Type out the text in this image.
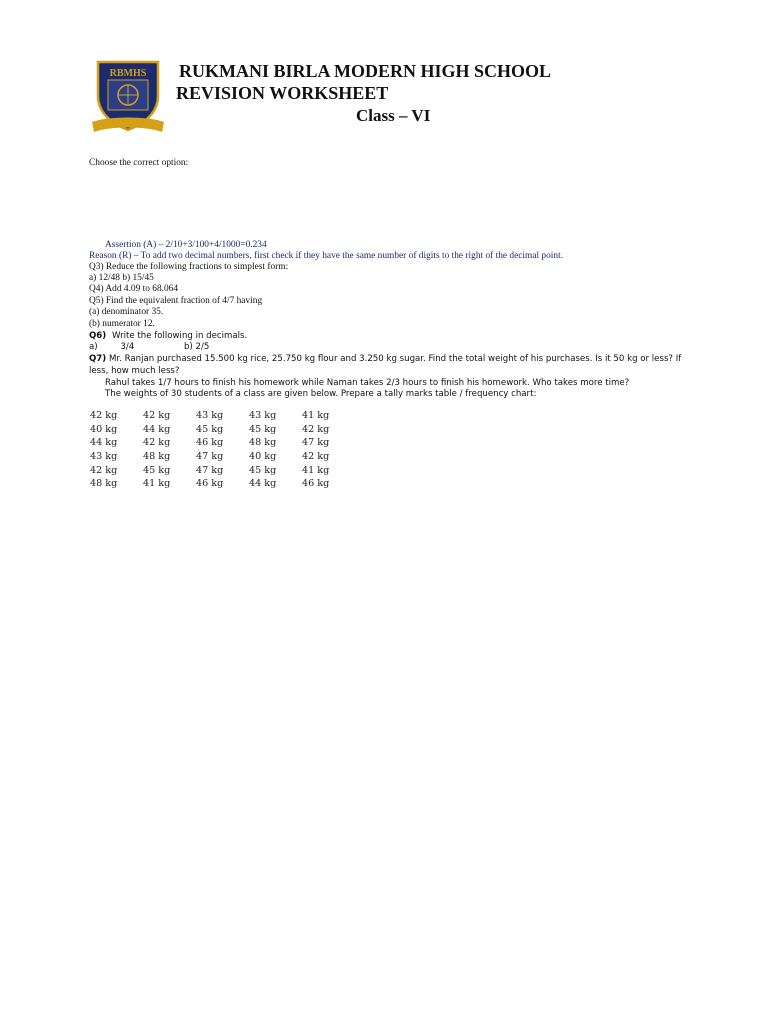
RBMHS RUKMANI BIRLA MODERN HIGH SCHOOL
REVISION WORKSHEET
Class – VI
Choose the correct option:
Assertion (A) – 2/10+3/100+4/1000=0.234
Reason (R) – To add two decimal numbers, first check if they have the same number of digits to the right of the decimal point.
Q3) Reduce the following fractions to simplest form:
a) 12/48 b) 15/45
Q4) Add 4.09 to 68.064
Q5) Find the equivalent fraction of 4/7 having
(a) denominator 35.
(b) numerator 12.
Q6) Write the following in decimals.
a)	3/4	b) 2/5
Q7) Mr. Ranjan purchased 15.500 kg rice, 25.750 kg flour and 3.250 kg sugar. Find the total weight of his purchases. Is it 50 kg or less? If less, how much less?
Rahul takes 1/7 hours to finish his homework while Naman takes 2/3 hours to finish his homework. Who takes more time?
The weights of 30 students of a class are given below. Prepare a tally marks table / frequency chart:
42 kg	42 kg	43 kg	43 kg	41 kg
40 kg	44 kg	45 kg	45 kg	42 kg
44 kg	42 kg	46 kg	48 kg	47 kg
43 kg	48 kg	47 kg	40 kg	42 kg
42 kg	45 kg	47 kg	45 kg	41 kg
48 kg	41 kg	46 kg	44 kg	46 kg
